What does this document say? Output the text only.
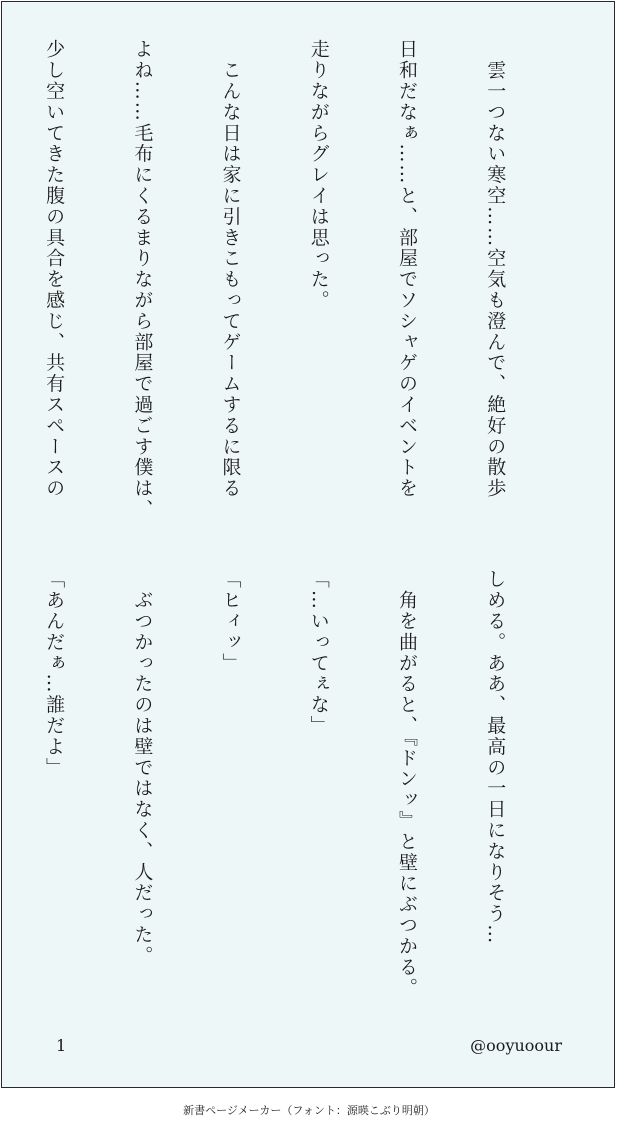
　雲一つない寒空……空気も澄んで、絶好の散歩

日和だなぁ……と、部屋でソシャゲのイベントを

走りながらグレイは思った。

　こんな日は家に引きこもってゲームするに限る

よね……毛布にくるまりながら部屋で過ごす僕は、

少し空いてきた腹の具合を感じ、共有スペースの

しめる。ああ、最高の一日になりそう…

　角を曲がると、『ドンッ』と壁にぶつかる。

「…いってぇな」

「ヒィッ」

　ぶつかったのは壁ではなく、人だった。

「あんだぁ…誰だよ」

1	@ooyuoour
新書ページメーカー（フォント：源暎こぶり明朝）
